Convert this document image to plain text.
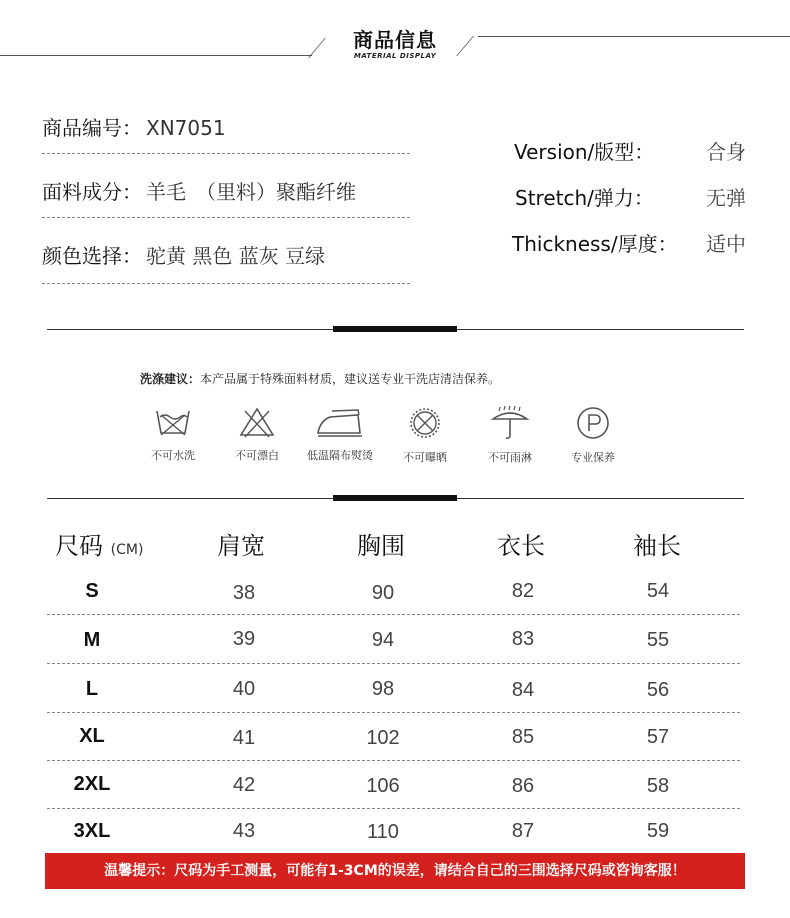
商品信息
MATERIAL DISPLAY
商品编号： XN7051
面料成分： 羊毛　（里料）聚酯纤维
颜色选择： 驼黄 黑色 蓝灰 豆绿
Version/版型：	合身
Stretch/弹力：	无弹
Thickness/厚度： 适中
洗涤建议：本产品属于特殊面料材质，建议送专业干洗店清洁保养。
不可水洗	不可漂白	低温隔布熨烫	不可曝晒	不可雨淋	专业保养
尺码 (CM)	肩宽	胸围	衣长	袖长
S	38	90	82	54
M	39	94	83	55
L	40	98	84	56
XL	41	102	85	57
2XL	42	106	86	58
3XL	43	110	87	59
温馨提示：尺码为手工测量，可能有1-3CM的误差，请结合自己的三围选择尺码或咨询客服！
